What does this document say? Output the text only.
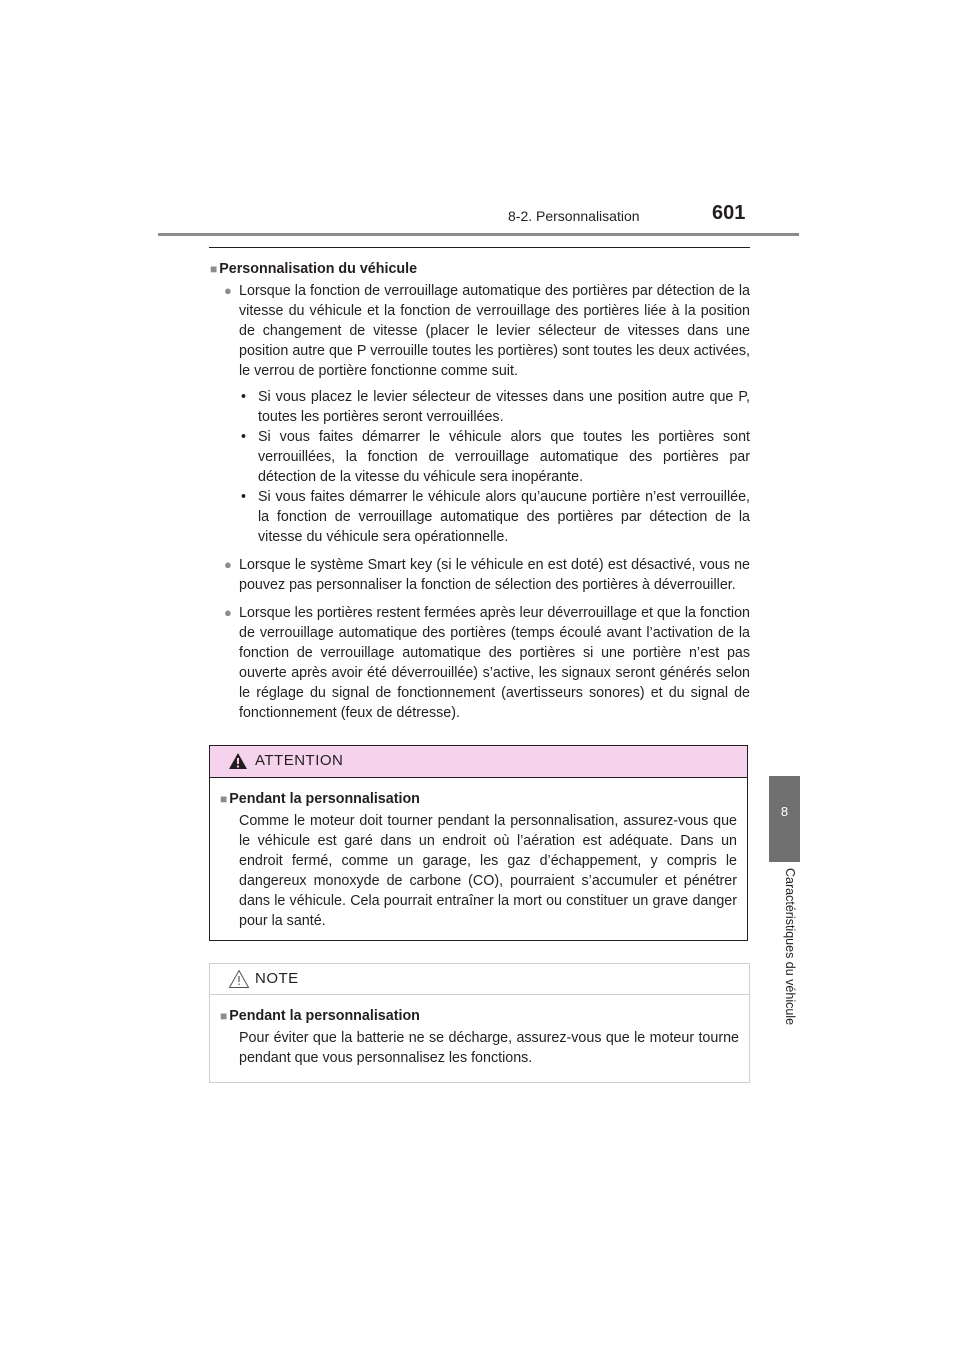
8-2. Personnalisation	601
8
Caractéristiques du véhicule
■ Personnalisation du véhicule
● Lorsque la fonction de verrouillage automatique des portières par détection de la vitesse du véhicule et la fonction de verrouillage des portières liée à la position de changement de vitesse (placer le levier sélecteur de vitesses dans une position autre que P verrouille toutes les portières) sont toutes les deux activées, le verrou de portière fonctionne comme suit.
• Si vous placez le levier sélecteur de vitesses dans une position autre que P, toutes les portières seront verrouillées.
• Si vous faites démarrer le véhicule alors que toutes les portières sont verrouillées, la fonction de verrouillage automatique des portières par détection de la vitesse du véhicule sera inopérante.
• Si vous faites démarrer le véhicule alors qu’aucune portière n’est verrouillée, la fonction de verrouillage automatique des portières par détection de la vitesse du véhicule sera opérationnelle.
● Lorsque le système Smart key (si le véhicule en est doté) est désactivé, vous ne pouvez pas personnaliser la fonction de sélection des portières à déverrouiller.
● Lorsque les portières restent fermées après leur déverrouillage et que la fonction de verrouillage automatique des portières (temps écoulé avant l’activation de la fonction de verrouillage automatique des portières si une portière n’est pas ouverte après avoir été déverrouillée) s’active, les signaux seront générés selon le réglage du signal de fonctionnement (avertisseurs sonores) et du signal de fonctionnement (feux de détresse).
ATTENTION
■ Pendant la personnalisation
Comme le moteur doit tourner pendant la personnalisation, assurez-vous que le véhicule est garé dans un endroit où l’aération est adéquate. Dans un endroit fermé, comme un garage, les gaz d’échappement, y compris le dangereux monoxyde de carbone (CO), pourraient s’accumuler et pénétrer dans le véhicule. Cela pourrait entraîner la mort ou constituer un grave danger pour la santé.
NOTE
■ Pendant la personnalisation
Pour éviter que la batterie ne se décharge, assurez-vous que le moteur tourne pendant que vous personnalisez les fonctions.
